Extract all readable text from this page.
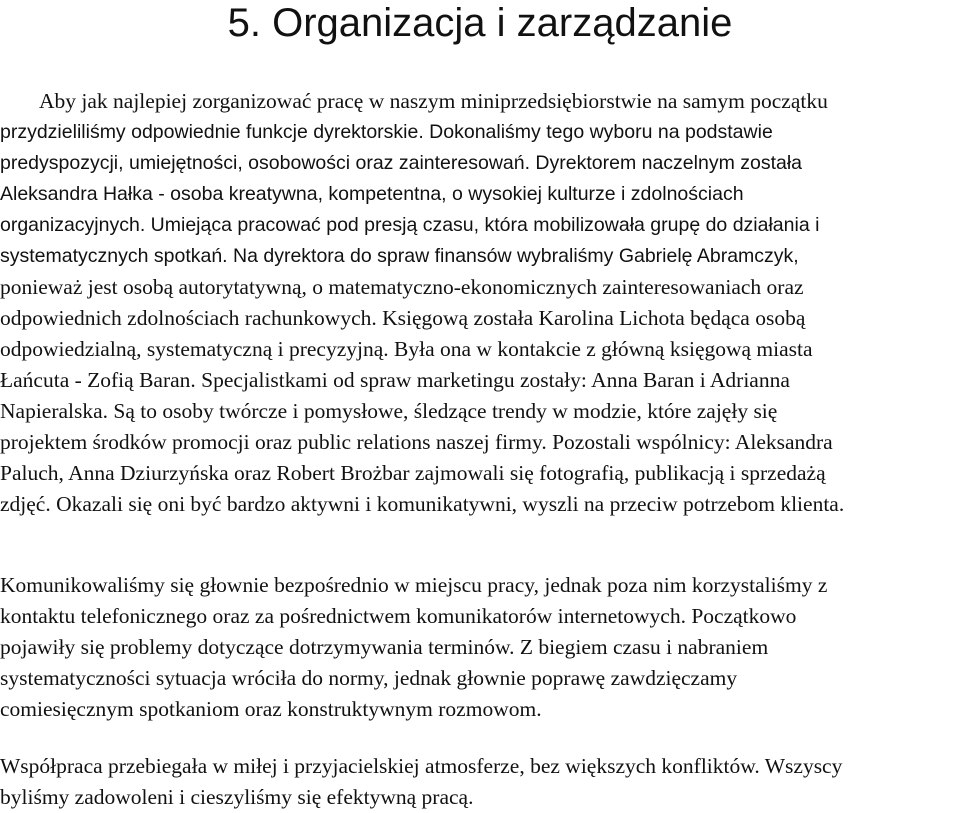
5. Organizacja i zarządzanie

Aby jak najlepiej zorganizować pracę w naszym miniprzedsiębiorstwie na samym początku
przydzieliliśmy odpowiednie funkcje dyrektorskie. Dokonaliśmy tego wyboru na podstawie
predyspozycji, umiejętności, osobowości oraz zainteresowań. Dyrektorem naczelnym została
Aleksandra Hałka - osoba kreatywna, kompetentna, o wysokiej kulturze i zdolnościach
organizacyjnych. Umiejąca pracować pod presją czasu, która mobilizowała grupę do działania i
systematycznych spotkań. Na dyrektora do spraw finansów wybraliśmy Gabrielę Abramczyk,
ponieważ jest osobą autorytatywną, o matematyczno-ekonomicznych zainteresowaniach oraz
odpowiednich zdolnościach rachunkowych. Księgową została Karolina Lichota będąca osobą
odpowiedzialną, systematyczną i precyzyjną. Była ona w kontakcie z główną księgową miasta
Łańcuta - Zofią Baran. Specjalistkami od spraw marketingu zostały: Anna Baran i Adrianna
Napieralska. Są to osoby twórcze i pomysłowe, śledzące trendy w modzie, które zajęły się
projektem środków promocji oraz public relations naszej firmy. Pozostali wspólnicy: Aleksandra
Paluch, Anna Dziurzyńska oraz Robert Brożbar zajmowali się fotografią, publikacją i sprzedażą
zdjęć. Okazali się oni być bardzo aktywni i komunikatywni, wyszli na przeciw potrzebom klienta.

Komunikowaliśmy się głownie bezpośrednio w miejscu pracy, jednak poza nim korzystaliśmy z
kontaktu telefonicznego oraz za pośrednictwem komunikatorów internetowych. Początkowo
pojawiły się problemy dotyczące dotrzymywania terminów. Z biegiem czasu i nabraniem
systematyczności sytuacja wróciła do normy, jednak głownie poprawę zawdzięczamy
comiesięcznym spotkaniom oraz konstruktywnym rozmowom.

Współpraca przebiegała w miłej i przyjacielskiej atmosferze, bez większych konfliktów. Wszyscy
byliśmy zadowoleni i cieszyliśmy się efektywną pracą.
